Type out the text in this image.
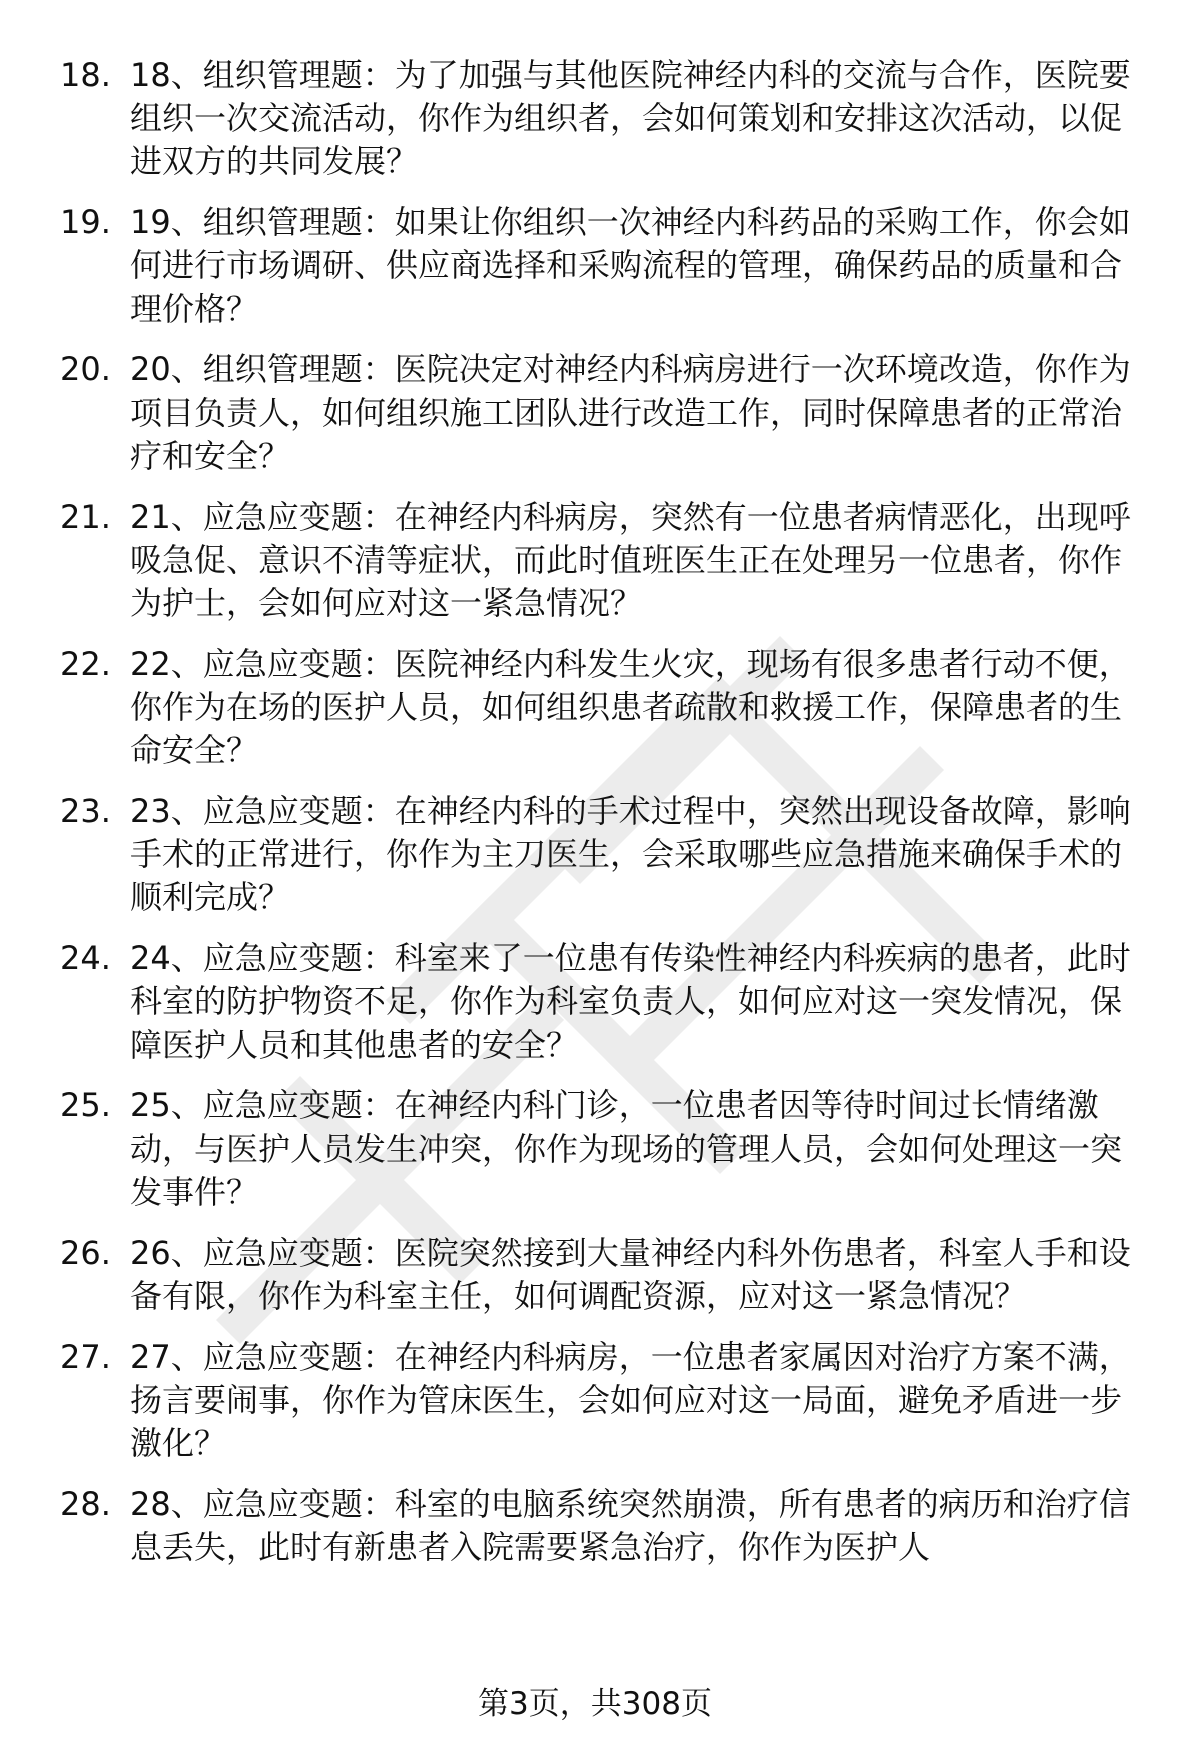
18. 18、组织管理题：为了加强与其他医院神经内科的交流与合作，医院要组织一次交流活动，你作为组织者，会如何策划和安排这次活动，以促进双方的共同发展？
19. 19、组织管理题：如果让你组织一次神经内科药品的采购工作，你会如何进行市场调研、供应商选择和采购流程的管理，确保药品的质量和合理价格？
20. 20、组织管理题：医院决定对神经内科病房进行一次环境改造，你作为项目负责人，如何组织施工团队进行改造工作，同时保障患者的正常治疗和安全？
21. 21、应急应变题：在神经内科病房，突然有一位患者病情恶化，出现呼吸急促、意识不清等症状，而此时值班医生正在处理另一位患者，你作为护士，会如何应对这一紧急情况？
22. 22、应急应变题：医院神经内科发生火灾，现场有很多患者行动不便，你作为在场的医护人员，如何组织患者疏散和救援工作，保障患者的生命安全？
23. 23、应急应变题：在神经内科的手术过程中，突然出现设备故障，影响手术的正常进行，你作为主刀医生，会采取哪些应急措施来确保手术的顺利完成？
24. 24、应急应变题：科室来了一位患有传染性神经内科疾病的患者，此时科室的防护物资不足，你作为科室负责人，如何应对这一突发情况，保障医护人员和其他患者的安全？
25. 25、应急应变题：在神经内科门诊，一位患者因等待时间过长情绪激动，与医护人员发生冲突，你作为现场的管理人员，会如何处理这一突发事件？
26. 26、应急应变题：医院突然接到大量神经内科外伤患者，科室人手和设备有限，你作为科室主任，如何调配资源，应对这一紧急情况？
27. 27、应急应变题：在神经内科病房，一位患者家属因对治疗方案不满，扬言要闹事，你作为管床医生，会如何应对这一局面，避免矛盾进一步激化？
28. 28、应急应变题：科室的电脑系统突然崩溃，所有患者的病历和治疗信息丢失，此时有新患者入院需要紧急治疗，你作为医护人
第3页，共308页
